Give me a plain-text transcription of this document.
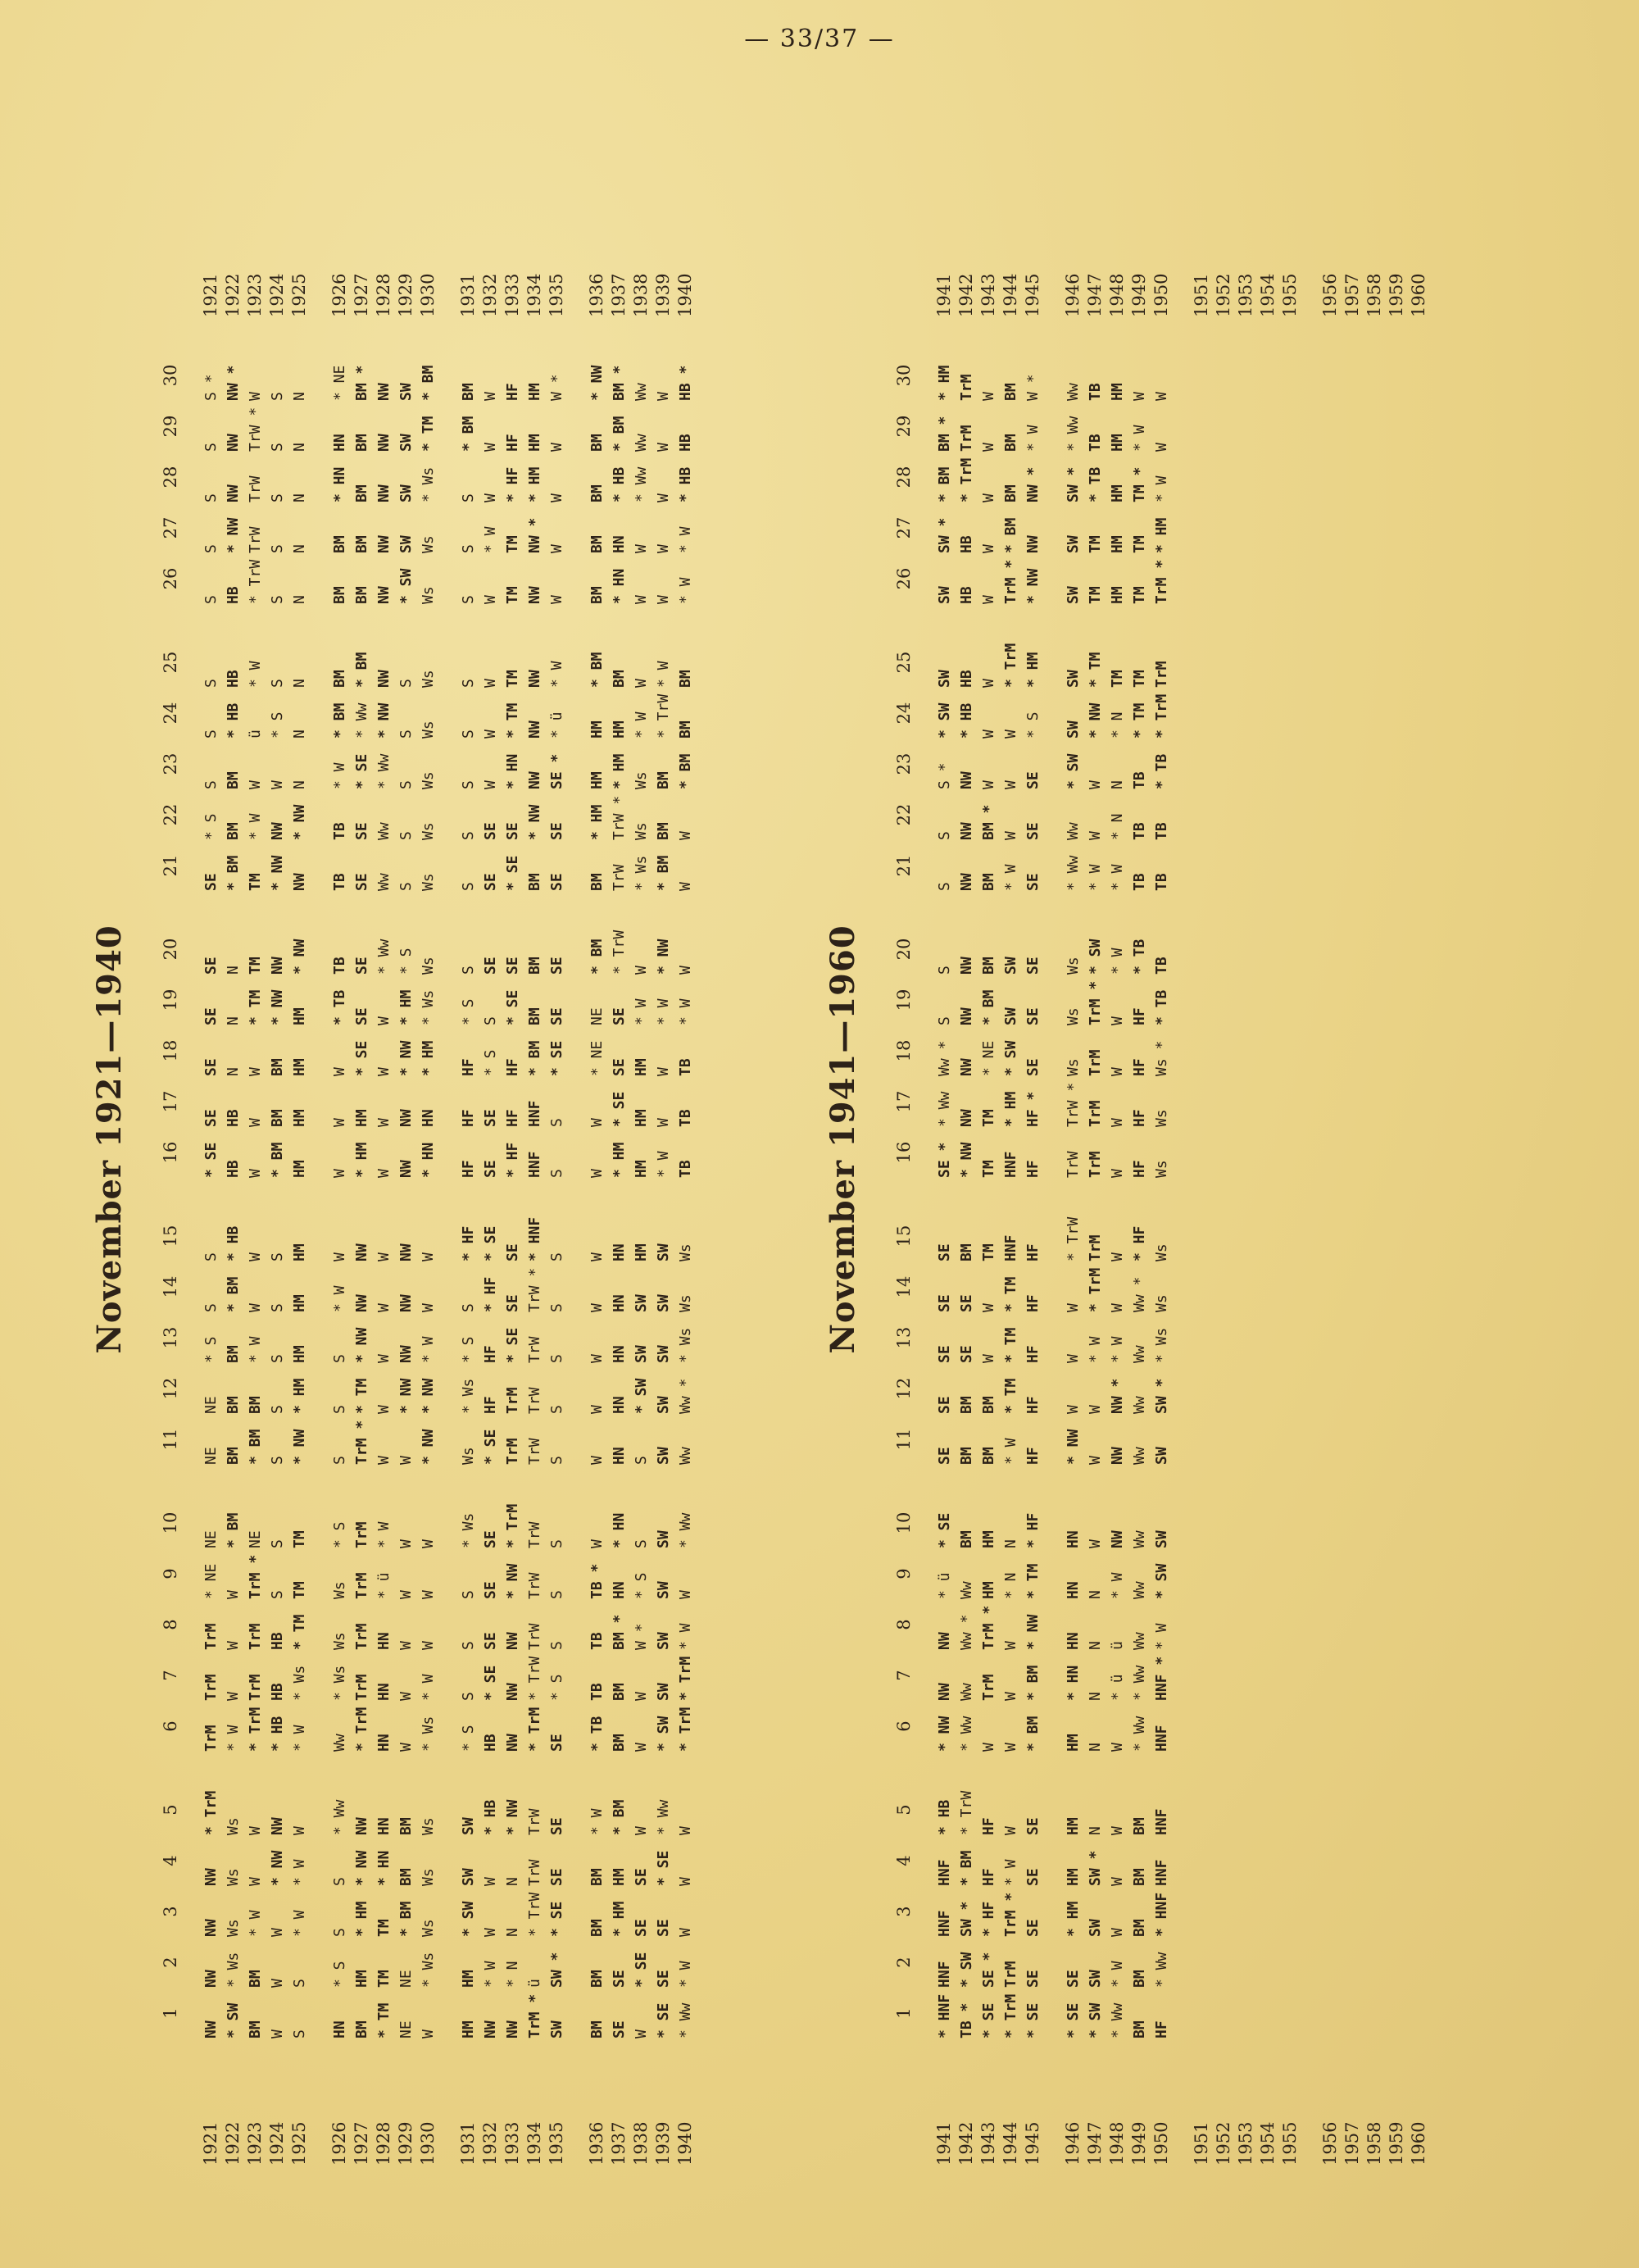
— 33/37 —
November 1921—1940
	1	2	3	4	5		6	7	8	9	10		11	12	13	14	15		16	17	18	19	20		21	22	23	24	25		26	27	28	29	30	

1921	NW	NW	NW	NW	* TrM		TrM	TrM	TrM	* NE	NE		NE	NE	* S	S	S		* SE	SE	SE	SE	SE		SE	* S	S	S	S		S	S	S	S	S *	1921
1922	* SW	* Ws	Ws	Ws	Ws		* W	W	W	W	* BM		BM	BM	BM	* BM	* HB		HB	HB	N	N	N		* BM	BM	BM	* HB	HB		HB	* NW	NW	NW	NW *	1922
1923	BM	BM	* W	W	W		* TrM	TrM	TrM	TrM *	NE		* BM	BM	* W	W	W		W	W	W	* TM	TM		TM	* W	W	ü	* W		* TrW	TrW	TrW	TrW *	W	1923
1924	W	W	W	* NW	NW		* HB	HB	HB	S	S		S	S	S	S	S		* BM	BM	BM	* NW	NW		* NW	NW	W	* S	S		S	S	S	S	S	1924
1925	S	S	* W	* W	W		* W	* Ws	* TM	TM	TM		* NW	* HM	HM	HM	HM		HM	HM	HM	HM	* NW		NW	* NW	N	N	N		N	N	N	N	N	1925

1926	HN	* S	S	S	* Ww		Ww	* Ws	Ws	Ws	* S		S	S	S	* W	W		W	W	W	* TB	TB		TB	TB	* W	* BM	BM		BM	BM	* HN	HN	* NE	1926
1927	BM	HM	* HM	* NW	NW		* TrM	TrM	TrM	TrM	TrM		TrM *	* TM	* NW	NW	NW		* HM	HM	* SE	SE	SE		SE	SE	* SE	* Ww	* BM		BM	BM	BM	BM	BM *	1927
1928	* TM	TM	TM	* HN	HN		HN	HN	HN	* ü	* W		W	W	W	W	W		W	W	W	W	* Ww		Ww	Ww	* Ww	* NW	NW		NW	NW	NW	NW	NW	1928
1929	NE	NE	* BM	BM	BM		W	W	W	W	W		W	* NW	NW	NW	NW		NW	NW	* NW	* HM	* S		S	S	S	S	S		* SW	SW	SW	SW	SW	1929
1930	W	* Ws	Ws	Ws	Ws		* Ws	* W	W	W	W		* NW	* NW	* W	W	W		* HN	HN	* HM	* Ws	Ws		Ws	Ws	Ws	Ws	Ws		Ws	Ws	* Ws	* TM	* BM	1930

1931	HM	HM	* SW	SW	SW		* S	S	S	S	* Ws		Ws	* Ws	* S	S	* HF		HF	HF	HF	* S	S		S	S	S	S	S		S	S	S	* BM	BM	1931
1932	NW	* W	W	W	* HB		HB	* SE	SE	SE	SE		* SE	HF	HF	* HF	* SE		SE	SE	* S	S	SE		SE	SE	W	W	W		W	* W	W	W	W	1932
1933	NW	* N	N	N	* NW		NW	NW	NW	* NW	* TrM		TrM	TrM	* SE	SE	SE		* HF	HF	HF	* SE	SE		* SE	SE	* HN	* TM	TM		TM	TM	* HF	HF	HF	1933
1934	TrM *	ü	* TrW	TrW	TrW		* TrM	* TrW	TrW	TrW	TrW		TrW	TrW	TrW	TrW *	* HNF		HNF	HNF	* BM	BM	BM		BM	* NW	NW	NW	NW		NW	NW *	* HM	HM	HM	1934
1935	SW	SW *	* SE	SE	SE		SE	* S	S	S	S		S	S	S	S	S		S	S	* SE	SE	SE		SE	SE	SE *	* ü	* W		W	W	W	W	W *	1935

1936	BM	BM	BM	BM	* W		* TB	TB	TB	TB *	W		W	W	W	W	W		W	W	* NE	NE	* BM		BM	* HM	HM	HM	* BM		BM	BM	BM	BM	* NW	1936
1937	SE	SE	* HM	HM	* BM		BM	BM	BM *	HN	* HN		HN	HN	HN	HN	HN		* HM	* SE	SE	SE	* TrW		TrW	TrW *	* HM	HM	BM		* HN	HN	* HB	* BM	BM *	1937
1938	W	* SE	SE	SE	W		W	W	W *	* S	S		S	* SW	SW	SW	HM		HM	HM	HM	* W	W		* Ws	Ws	Ws	* W	W		W	W	* Ww	Ww	Ww	1938
1939	* SE	SE	SE	* SE	* Ww		* SW	SW	SW	SW	SW		SW	SW	SW	SW	SW		* W	W	W	* W	* NW		* BM	BM	BM	* TrW	* W		W	W	W	W	W	1939
1940	* Ww	* W	W	W	W		* TrM	* TrM	* W	W	* Ww		Ww	Ww *	* Ws	Ws	Ws		TB	TB	TB	* W	W		W	W	* BM	BM	BM		* W	* W	* HB	HB	HB *	1940
November 1941—1960
	1	2	3	4	5		6	7	8	9	10		11	12	13	14	15		16	17	18	19	20		21	22	23	24	25		26	27	28	29	30	

1941	* HNF	HNF	HNF	HNF	* HB		* NW	NW	NW	* ü	* SE		SE	SE	SE	SE	SE		SE *	* Ww	Ww *	S	S		S	S	S *	* SW	SW		SW	SW *	* BM	BM *	* HM	1941
1942	TB *	* SW	SW *	* BM	* TrW		* Ww	Ww	Ww *	Ww	BM		BM	BM	SE	SE	BM		* NW	NW	NW	NW	NW		NW	NW	NW	* HB	HB		HB	HB	* TrM	TrM	TrM	1942
1943	* SE	SE *	* HF	HF	HF		W	TrM	TrM *	HM	HM		BM	BM	W	W	TM		TM	TM	* NE	* BM	BM		BM	BM *	W	W	W		W	W	W	W	W	1943
1944	* TrM	TrM	TrM *	* W	W		W	W	W	* N	N		* W	* TM	* TM	* TM	HNF		HNF	* HM	* SW	SW	SW		* W	W	W	W	* TrM		TrM *	* BM	BM	BM	BM	1944
1945	* SE	SE	SE	SE	SE		* BM	* BM	* NW	* TM	* HF		HF	HF	HF	HF	HF		HF	HF *	SE	SE	SE		SE	SE	SE	* S	* HM		* NW	NW	NW *	* W	W *	1945

1946	* SE	SE	* HM	HM	HM		HM	* HN	HN	HN	HN		* NW	W	W	W	* TrW		TrW	TrW *	Ws	Ws	Ws		* Ww	Ww	* SW	SW	SW		SW	SW	SW *	* Ww	Ww	1946
1947	* SW	SW	SW	SW *	N		N	N	N	N	W		W	W	* W	* TrM	TrM		TrM	TrM	TrM	TrM *	* SW		* W	W	W	* NW	* TM		TM	TM	* TB	TB	TB	1947
1948	* Ww	* W	W	W	W		W	* ü	ü	* W	NW		NW	NW *	* W	W	W		W	W	W	W	* W		* W	* N	N	* N	TM		HM	HM	HM	HM	HM	1948
1949	BM	BM	BM	BM	BM		* Ww	* Ww	Ww	Ww	Ww		Ww	Ww	Ww	Ww *	* HF		HF	HF	HF	HF	* TB		TB	TB	TB	* TM	TM		TM	TM	TM *	* W	W	1949
1950	HF	* Ww	* HNF	HNF	HNF		HNF	HNF *	* W	* SW	SW		SW	SW *	* Ws	Ws	Ws		Ws	Ws	Ws *	* TB	TB		TB	TB	* TB	* TrM	TrM		TrM *	* HM	* W	W	W	1950

1951																																				1951
1952																																				1952
1953																																				1953
1954																																				1954
1955																																				1955

1956																																				1956
1957																																				1957
1958																																				1958
1959																																				1959
1960																																				1960
